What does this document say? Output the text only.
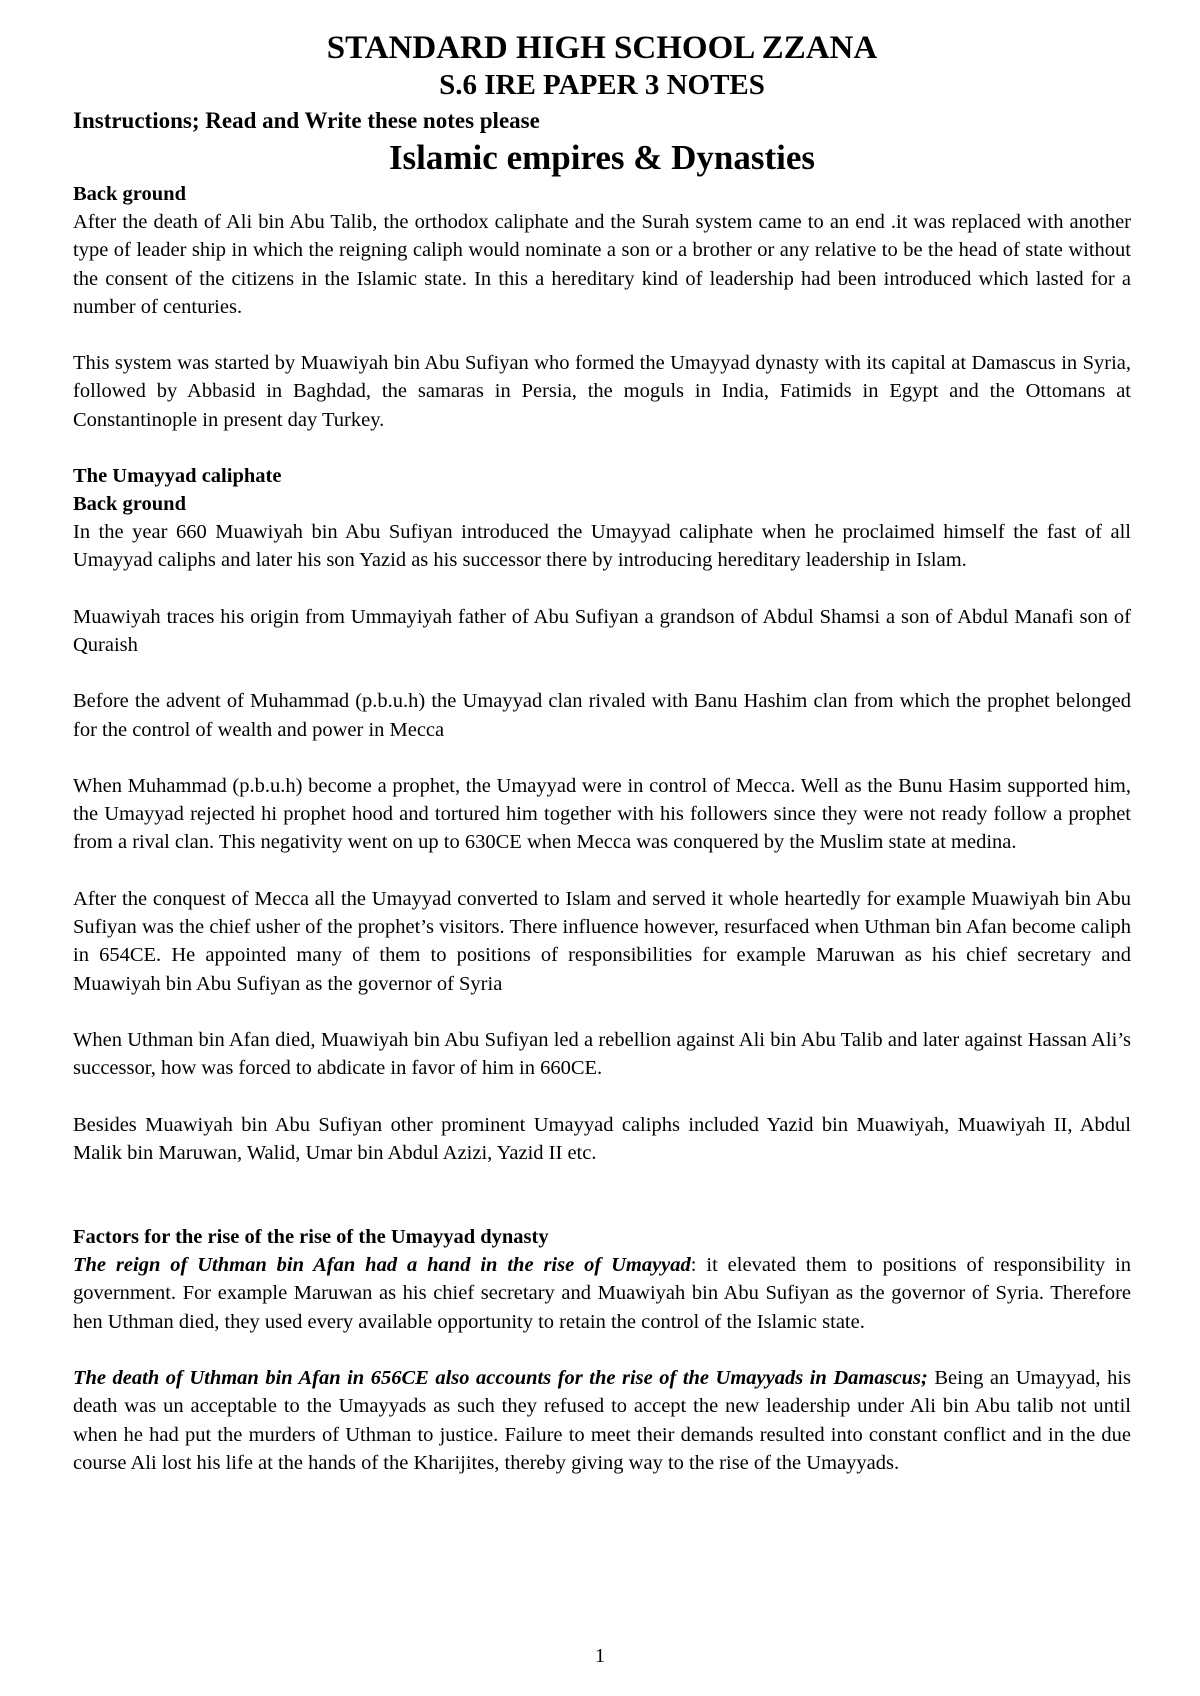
STANDARD HIGH SCHOOL ZZANA
S.6 IRE PAPER 3 NOTES
Instructions; Read and Write these notes please
Islamic empires & Dynasties
Back ground

After the death of Ali bin Abu Talib, the orthodox caliphate and the Surah system came to an end .it was replaced with another type of leader ship in which the reigning caliph would nominate a son or a brother or any relative to be the head of state without the consent of the citizens in the Islamic state. In this a hereditary kind of leadership had been introduced which lasted for a number of centuries.

This system was started by Muawiyah bin Abu Sufiyan who formed the Umayyad dynasty with its capital at Damascus in Syria, followed by Abbasid in Baghdad, the samaras in Persia, the moguls in India, Fatimids in Egypt and the Ottomans at Constantinople in present day Turkey.

The Umayyad caliphate
Back ground

In the year 660 Muawiyah bin Abu Sufiyan introduced the Umayyad caliphate when he proclaimed himself the fast of all Umayyad caliphs and later his son Yazid as his successor there by introducing hereditary leadership in Islam.

Muawiyah traces his origin from Ummayiyah father of Abu Sufiyan a grandson of Abdul Shamsi a son of Abdul Manafi son of Quraish

Before the advent of Muhammad (p.b.u.h) the Umayyad clan rivaled with Banu Hashim clan from which the prophet belonged for the control of wealth and power in Mecca

When Muhammad (p.b.u.h) become a prophet, the Umayyad were in control of Mecca. Well as the Bunu Hasim supported him, the Umayyad rejected hi prophet hood and tortured him together with his followers since they were not ready follow a prophet from a rival clan. This negativity went on up to 630CE when Mecca was conquered by the Muslim state at medina.

After the conquest of Mecca all the Umayyad converted to Islam and served it whole heartedly for example Muawiyah bin Abu Sufiyan was the chief usher of the prophet’s visitors. There influence however, resurfaced when Uthman bin Afan become caliph in 654CE. He appointed many of them to positions of responsibilities for example Maruwan as his chief secretary and Muawiyah bin Abu Sufiyan as the governor of Syria

When Uthman bin Afan died, Muawiyah bin Abu Sufiyan led a rebellion against Ali bin Abu Talib and later against Hassan Ali’s successor, how was forced to abdicate in favor of him in 660CE.

Besides Muawiyah bin Abu Sufiyan other prominent Umayyad caliphs included Yazid bin Muawiyah, Muawiyah II, Abdul Malik bin Maruwan, Walid, Umar bin Abdul Azizi, Yazid II etc.

Factors for the rise of the rise of the Umayyad dynasty

The reign of Uthman bin Afan had a hand in the rise of Umayyad: it elevated them to positions of responsibility in government. For example Maruwan as his chief secretary and Muawiyah bin Abu Sufiyan as the governor of Syria. Therefore hen Uthman died, they used every available opportunity to retain the control of the Islamic state.

The death of Uthman bin Afan in 656CE also accounts for the rise of the Umayyads in Damascus; Being an Umayyad, his death was un acceptable to the Umayyads as such they refused to accept the new leadership under Ali bin Abu talib not until when he had put the murders of Uthman to justice. Failure to meet their demands resulted into constant conflict and in the due course Ali lost his life at the hands of the Kharijites, thereby giving way to the rise of the Umayyads.

1
